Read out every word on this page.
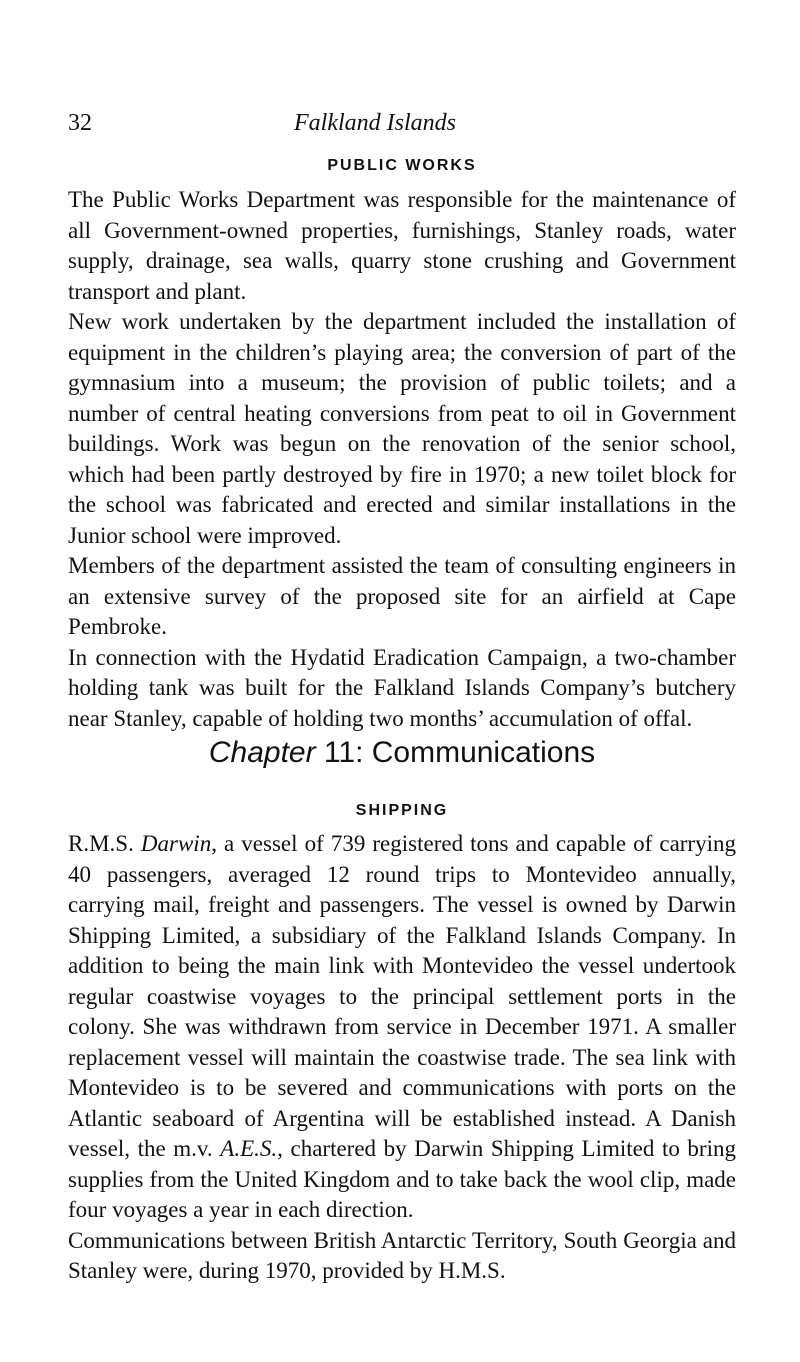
32	Falkland Islands
PUBLIC WORKS

The Public Works Department was responsible for the maintenance of all Government-owned properties, furnishings, Stanley roads, water supply, drainage, sea walls, quarry stone crushing and Government transport and plant.

New work undertaken by the department included the installation of equipment in the children’s playing area; the conversion of part of the gymnasium into a museum; the provision of public toilets; and a number of central heating conversions from peat to oil in Government buildings. Work was begun on the renovation of the senior school, which had been partly destroyed by fire in 1970; a new toilet block for the school was fabricated and erected and similar installations in the Junior school were improved.

Members of the department assisted the team of consulting engineers in an extensive survey of the proposed site for an airfield at Cape Pembroke.

In connection with the Hydatid Eradication Campaign, a two-chamber holding tank was built for the Falkland Islands Company’s butchery near Stanley, capable of holding two months’ accumulation of offal.

Chapter 11: Communications
SHIPPING

R.M.S. Darwin, a vessel of 739 registered tons and capable of carrying 40 passengers, averaged 12 round trips to Montevideo annually, carrying mail, freight and passengers. The vessel is owned by Darwin Shipping Limited, a subsidiary of the Falkland Islands Company. In addition to being the main link with Montevideo the vessel undertook regular coastwise voyages to the principal settlement ports in the colony. She was withdrawn from service in December 1971. A smaller replacement vessel will maintain the coastwise trade. The sea link with Montevideo is to be severed and communications with ports on the Atlantic seaboard of Argentina will be established instead. A Danish vessel, the m.v. A.E.S., chartered by Darwin Shipping Limited to bring supplies from the United Kingdom and to take back the wool clip, made four voyages a year in each direction.

Communications between British Antarctic Territory, South Georgia and Stanley were, during 1970, provided by H.M.S.
